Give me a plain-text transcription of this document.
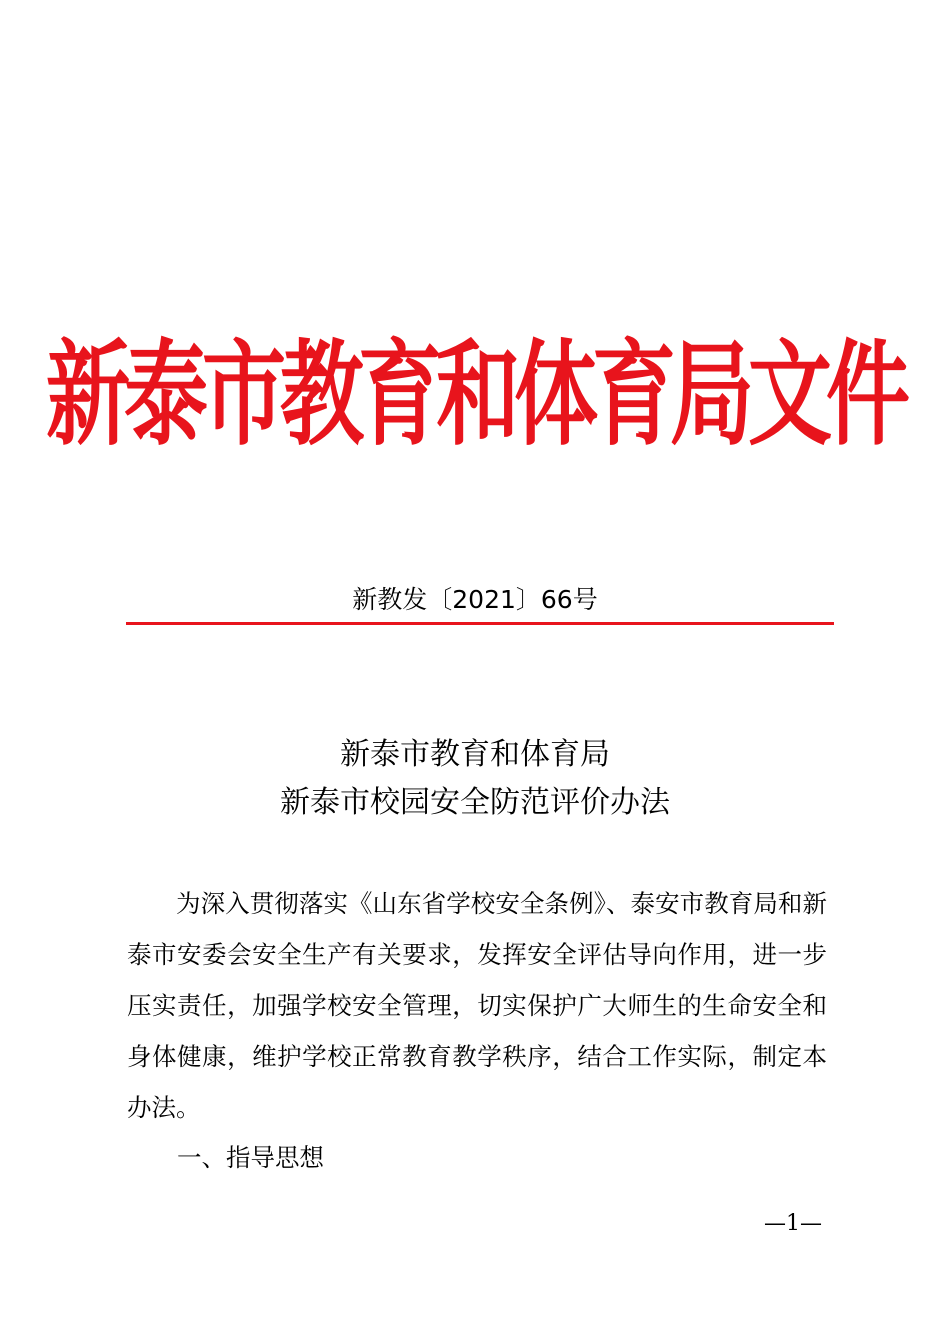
新泰市教育和体育局文件
新教发〔2021〕66号
新泰市教育和体育局
新泰市校园安全防范评价办法

为深入贯彻落实《山东省学校安全条例》、泰安市教育局和新泰市安委会安全生产有关要求，发挥安全评估导向作用，进一步压实责任，加强学校安全管理，切实保护广大师生的生命安全和身体健康，维护学校正常教育教学秩序，结合工作实际，制定本办法。

一、指导思想
—1—
